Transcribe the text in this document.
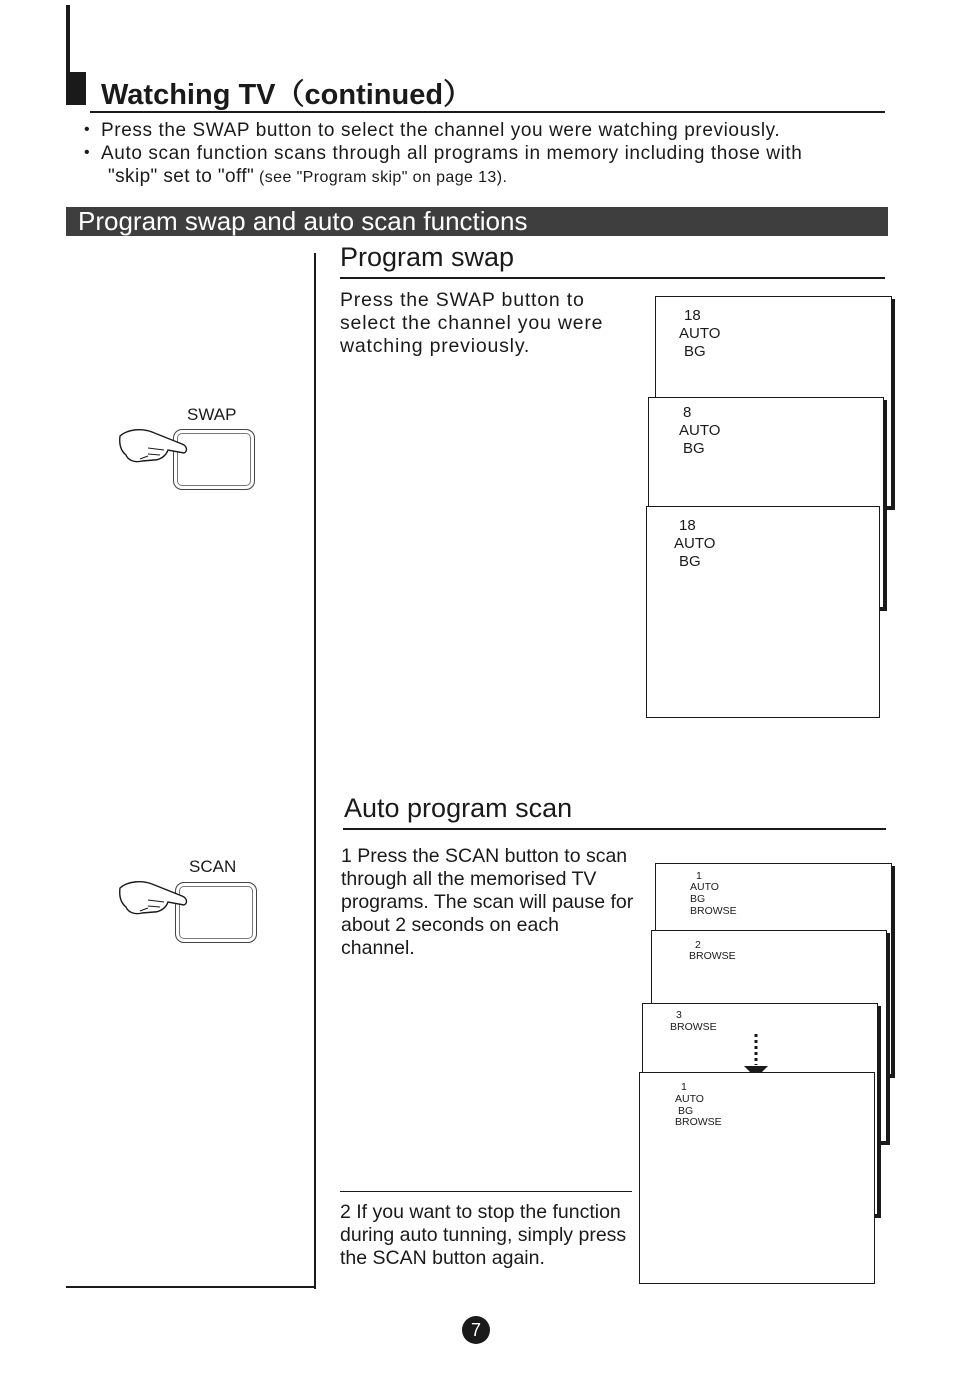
Watching TV（continued）
• Press the SWAP button to select the channel you were watching previously.
• Auto scan function scans through all programs in memory including those with
"skip" set to "off" (see "Program skip" on page 13).
Program swap and auto scan functions
Program swap
Press the SWAP button to select the channel you were watching previously.
SWAP
18
AUTO
BG
8
AUTO
BG
18
AUTO
BG
Auto program scan
1 Press the SCAN button to scan through all the memorised TV programs. The scan will pause for about 2 seconds on each channel.
2 If you want to stop the function during auto tunning, simply press the SCAN button again.
SCAN	1
AUTO
BG
BROWSE
2
BROWSE
3
BROWSE
1
AUTO
BG
BROWSE
7
